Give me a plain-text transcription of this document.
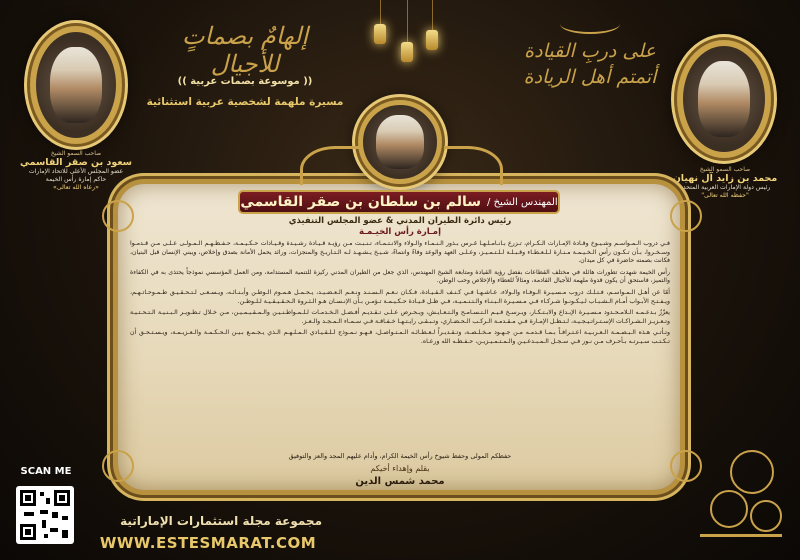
إلهامٌ بصماتٍ للأجيال
(( موسوعة بصمات عربية ))
مسيرة ملهمة لشخصية عربية استثنائية
على دربِ القيادة
أتمتم أهل الريادة
صاحب السمو الشيخ
سعود بن صقر القاسمي
عضو المجلس الأعلى للاتحاد الإمارات
حاكم إمارة رأس الخيمة
«رعاه الله تعالى»
صاحب السمو الشيخ
محمد بن زايد آل نهيان
رئيس دولة الإمارات العربية المتحدة
"حفظه الله تعالى"
المهندس الشيخ /
سالم بن سلطان بن صقر القاسمي
رئيس دائرة الطيران المدني & عضو المجلس التنفيذي
إمـارة رأس الخيـمـة

فـي دروب الـمـواسـم وشـيـوخ وقـادة الإمـارات الـكـرام، تـزرع بـأنـامـلـهـا غـرس بـذور الـنـمـاء والـولاء والانـتـمـاء، تـنـبـت مـن رؤيـة قـيـادة رشـيـدة وقـيـادات حـكـيـمـة، حـفـظـهـم الـمـولـى عـلـى مـن قـدمـوا وسـخـروا، بـأن تـكـون رأس الـخـيـمـة مـنـارة لـلـعـطـاء وقـبـلـة لـلـتـمـيـز، وعـلـى العهد والوعد وفاءً وانتماءً، شـيـخ يـشـهـد لـه الـتـاريـخ والمنجزات، ورائد يحمل الأمانة بصدق وإخلاص، ويبني الإنسان قبل البنيان، فكانت بصمته حاضرة في كل ميدان.

رأس الخيمة شهدت تطورات هائلة في مختلف القطاعات بفضل رؤية القيادة ومتابعة الشيخ المهندس، الذي جعل من الطيران المدني ركيزة للتنمية المستدامة، ومن العمل المؤسسي نموذجاً يحتذى به في الكفاءة والتميز، فاستحق أن يكون قدوة ملهمة للأجيال القادمة، ومثالاً للعطاء والإخلاص وحب الوطن.

أمّا عن أهـل الـمـواسـم، فـتـلـك دروب مـسـيـرة الـوفـاء والـولاء، عـاشـهـا فـي كـنـف الـقـيـادة، فـكـان نـعـم الـسـنـد ونـعـم الـعـضـيـد، يـحـمـل هـمـوم الـوطـن وأبـنـائـه، ويـسـعـى لـتـحـقـيـق طـمـوحـاتـهـم، ويـفـتـح الأبـواب أمـام الـشـبـاب لـيـكـونـوا شـركـاء فـي مـسـيـرة الـبـنـاء والـتـنـمـيـة، فـي ظـل قـيـادة حـكـيـمـة تـؤمـن بـأن الإنـسـان هـو الـثـروة الـحـقـيـقـيـة لـلـوطـن.

يعزّزُ بـدعـمـه الـلامـحـدود مـسـيـرة الإبـداع والابـتـكـار، ويـرسـخ قـيـم الـتـسـامـح والـتـعـايـش، ويـحـرص عـلـى تـقـديـم أفـضـل الـخـدمـات لـلـمـواطـنـيـن والـمـقـيـمـيـن، مـن خـلال تـطـويـر الـبـنـيـة الـتـحـتـيـة وتـعـزيـز الـشـراكـات الإسـتـراتـيـجـيـة، لـتـظـل الإمـارة فـي مـقـدمـة الـركـب الـحـضـاري، وتـبـقـى رايـتـهـا خـفـاقـة فـي سـمـاء الـمـجـد والـعـز.

وتـأتـي هـذه الـبـصـمـة الـعـربـيـة اعـتـرافـاً بـمـا قـدمـه مـن جـهـود مـخـلـصـة، وتـقـديـراً لـعـطـائـه الـمـتـواصـل، فـهـو نـمـوذج لـلـقـيـادي الـمـلـهـم الـذي يـجـمـع بـيـن الـحـكـمـة والـعـزيـمـة، ويـسـتـحـق أن تـكـتـب سـيـرتـه بـأحـرف مـن نـور فـي سـجـل الـمـبـدعـيـن والـمـتـمـيـزيـن، حـفـظـه الله ورعـاه.

حفظكم المولى وحفظ شيوخ رأس الخيمة الكرام، وأدام عليهم المجد والعز والتوفيق
بقلم وإهداء أخيكم
محمد شمس الدين
SCAN ME
مجموعة مجلة استثمارات الإماراتية
WWW.ESTESMARAT.COM
